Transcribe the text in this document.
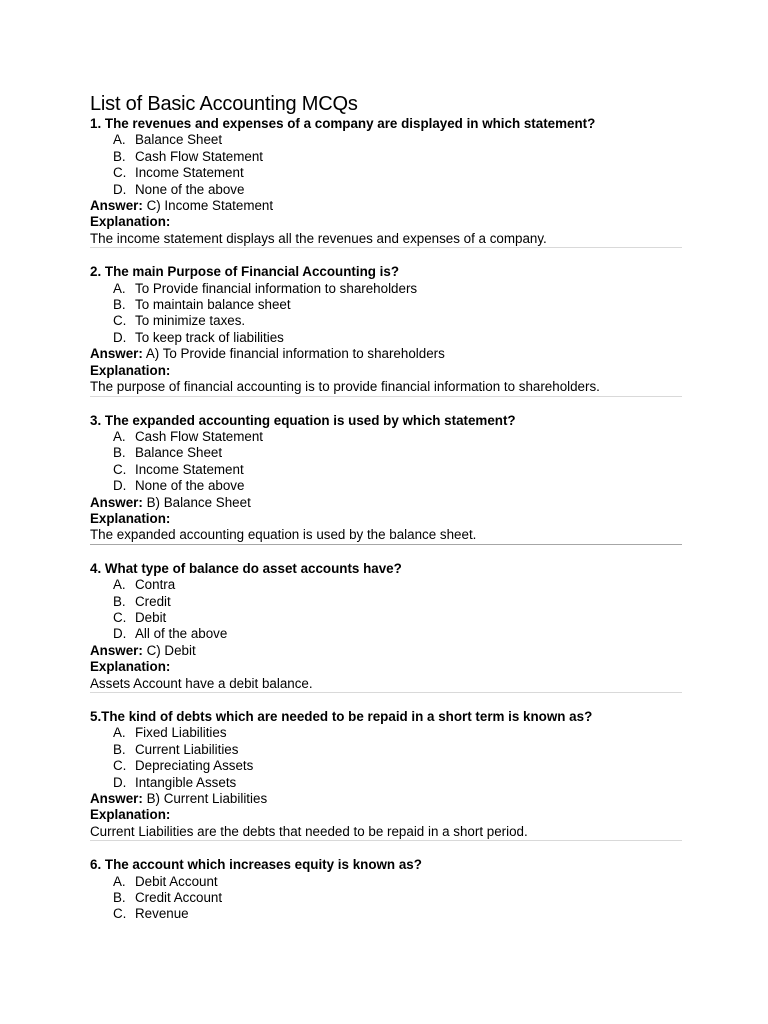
List of Basic Accounting MCQs

1. The revenues and expenses of a company are displayed in which statement?

A. Balance Sheet
B. Cash Flow Statement
C. Income Statement
D. None of the above

Answer: C) Income Statement

Explanation:

The income statement displays all the revenues and expenses of a company.

2. The main Purpose of Financial Accounting is?

A. To Provide financial information to shareholders
B. To maintain balance sheet
C. To minimize taxes.
D. To keep track of liabilities

Answer: A) To Provide financial information to shareholders

Explanation:

The purpose of financial accounting is to provide financial information to shareholders.

3. The expanded accounting equation is used by which statement?

A. Cash Flow Statement
B. Balance Sheet
C. Income Statement
D. None of the above

Answer: B) Balance Sheet

Explanation:

The expanded accounting equation is used by the balance sheet.

4. What type of balance do asset accounts have?

A. Contra
B. Credit
C. Debit
D. All of the above

Answer: C) Debit

Explanation:

Assets Account have a debit balance.

5.The kind of debts which are needed to be repaid in a short term is known as?

A. Fixed Liabilities
B. Current Liabilities
C. Depreciating Assets
D. Intangible Assets

Answer: B) Current Liabilities

Explanation:

Current Liabilities are the debts that needed to be repaid in a short period.

6. The account which increases equity is known as?

A. Debit Account
B. Credit Account
C. Revenue
